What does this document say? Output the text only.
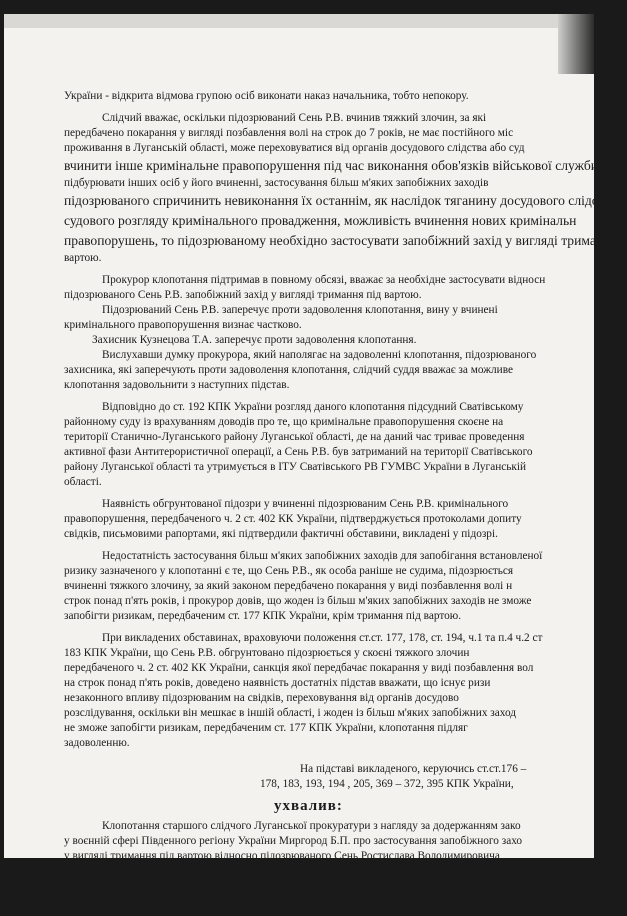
України - відкрита відмова групою осіб виконати наказ начальника, тобто непокору.
Слідчий вважає, оскільки підозрюваний Сень Р.В. вчинив тяжкий злочин, за які
передбачено покарання у вигляді позбавлення волі на строк до 7 років, не має постійного міс
проживання в Луганській області, може переховуватися від органів досудового слідства або суд
вчинити інше кримінальне правопорушення під час виконання обов'язків військової служби
підбурювати інших осіб у його вчиненні, застосування більш м'яких запобіжних заходів
підозрюваного спричинить невиконання їх останнім, як наслідок тяганину досудового слідства
судового розгляду кримінального провадження, можливість вчинення нових кримінальн
правопорушень, то підозрюваному необхідно застосувати запобіжний захід у вигляді тримання п
вартою.
Прокурор клопотання підтримав в повному обсязі, вважає за необхідне застосувати відносн
підозрюваного Сень Р.В. запобіжний захід у вигляді тримання під вартою.
Підозрюваний Сень Р.В. заперечує проти задоволення клопотання, вину у вчинені
кримінального правопорушення визнає частково.
Захисник Кузнецова Т.А. заперечує проти задоволення клопотання.
Вислухавши думку прокурора, який наполягає на задоволенні клопотання, підозрюваного
захисника, які заперечують проти задоволення клопотання, слідчий суддя вважає за можливе
клопотання задовольнити з наступних підстав.
Відповідно до ст. 192 КПК України розгляд даного клопотання підсудний Сватівському
районному суду із врахуванням доводів про те, що кримінальне правопорушення скоєне на
території Станично-Луганського району Луганської області, де на даний час триває проведення
активної фази Антитерористичної операції, а Сень Р.В. був затриманий на території Сватівського
району Луганської області та утримується в ІТУ Сватівського РВ ГУМВС України в Луганській
області.
Наявність обгрунтованої підозри у вчиненні підозрюваним Сень Р.В. кримінального
правопорушення, передбаченого ч. 2 ст. 402 КК України, підтверджується протоколами допиту
свідків, письмовими рапортами, які підтвердили фактичні обставини, викладені у підозрі.
Недостатність застосування більш м'яких запобіжних заходів для запобігання встановленої
ризику зазначеного у клопотанні є те, що Сень Р.В., як особа раніше не судима, підозрюється
вчиненні тяжкого злочину, за який законом передбачено покарання у виді позбавлення волі н
строк понад п'ять років, і прокурор довів, що жоден із більш м'яких запобіжних заходів не зможе
запобігти ризикам, передбаченим ст. 177 КПК України, крім тримання під вартою.
При викладених обставинах, враховуючи положення ст.ст. 177, 178, ст. 194, ч.1 та п.4 ч.2 ст
183 КПК України, що Сень Р.В. обгрунтовано підозрюється у скоєні тяжкого злочин
передбаченого ч. 2 ст. 402 КК України, санкція якої передбачає покарання у виді позбавлення вол
на строк понад п'ять років, доведено наявність достатніх підстав вважати, що існує ризи
незаконного впливу підозрюваним на свідків, переховування від органів досудово
розслідування, оскільки він мешкає в іншій області, і жоден із більш м'яких запобіжних заход
не зможе запобігти ризикам, передбаченим ст. 177 КПК України, клопотання підляг
задоволенню.
На підставі викладеного, керуючись ст.ст.176 –
178, 183, 193, 194 , 205, 369 – 372, 395 КПК України,
ухвалив:
Клопотання старшого слідчого Луганської прокуратури з нагляду за додержанням зако
у воєнній сфері Південного регіону України Миргород Б.П. про застосування запобіжного захо
у вигляді тримання під вартою відносно підозрюваного Сень Ростислава Володимировича,
серпня 1993 року народження.
Застосувати щодо підозрюваного Сень Ростислава Володимировича, 26 серпня 19
року народження запобіжний захід у вигляді тримання під вартою терміном на два місяці до
